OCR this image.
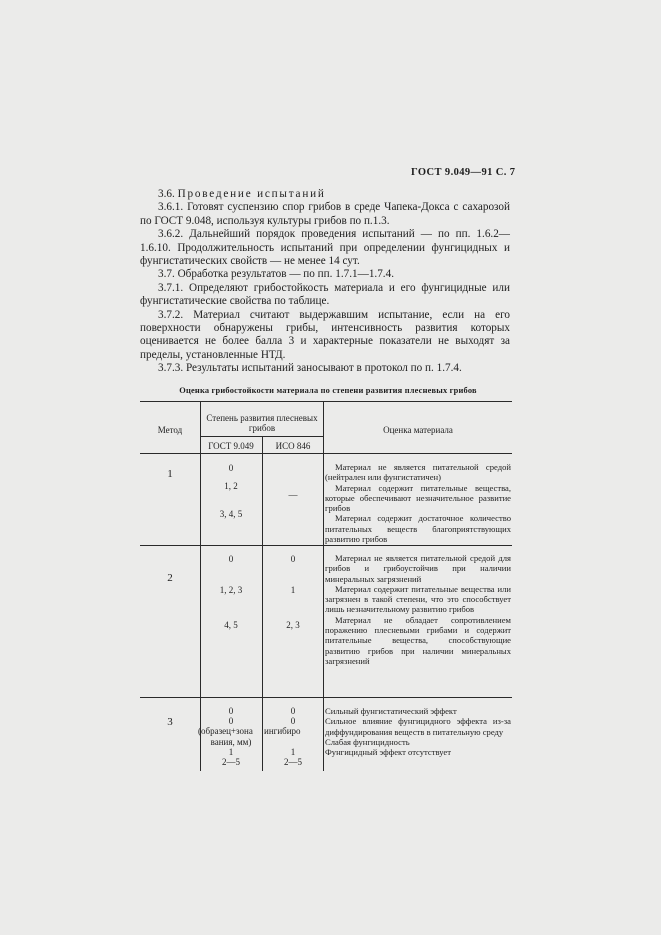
ГОСТ 9.049—91 С. 7

3.6. Проведение испытаний

3.6.1. Готовят суспензию спор грибов в среде Чапека-Докса с сахарозой по ГОСТ 9.048, используя культуры грибов по п.1.3.

3.6.2. Дальнейший порядок проведения испытаний — по пп. 1.6.2—1.6.10. Продолжительность испытаний при определении фунгицидных и фунгистатических свойств — не менее 14 сут.

3.7. Обработка результатов — по пп. 1.7.1—1.7.4.

3.7.1. Определяют грибостойкость материала и его фунгицидные или фунгистатические свойства по таблице.

3.7.2. Материал считают выдержавшим испытание, если на его поверхности обнаружены грибы, интенсивность развития которых оценивается не более балла 3 и характерные показатели не выходят за пределы, установленные НТД.

3.7.3. Результаты испытаний заносывают в протокол по п. 1.7.4.

Оценка грибостойкости материала по степени развития плесневых грибов
Метод
Степень развития плесневых грибов
ГОСТ 9.049	ИСО 846
Оценка материала
1	0
1, 2
3, 4, 5
—

Материал не является питательной средой (нейтрален или фунгистатичен)

Материал содержит питательные вещества, которые обеспечивают незначительное развитие грибов

Материал содержит достаточное количество питательных веществ благоприятствующих развитию грибов

2
0
1, 2, 3
4, 5
0
1
2, 3

Материал не является питательной средой для грибов и грибоустойчив при наличии минеральных загрязнений

Материал содержит питательные вещества или загрязнен в такой степени, что это способствует лишь незначительному развитию грибов

Материал не обладает сопротивлением поражению плесневыми грибами и содержит питательные вещества, способствующие развитию грибов при наличии минеральных загрязнений

3
0
0
(образец+зона
вания, мм)
1
2—5
0
0
ингибиро
1
2—5

Сильный фунгистатический эффект

Сильное влияние фунгицидного эффекта из-за диффундирования веществ в питательную среду

Слабая фунгицидность

Фунгицидный эффект отсутствует
